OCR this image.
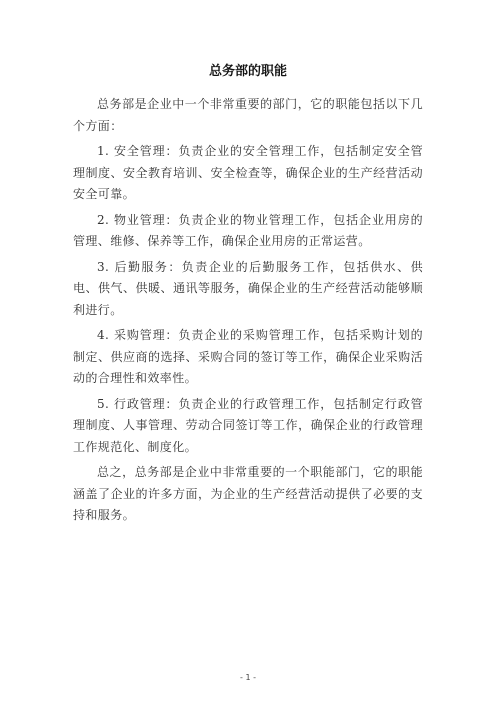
总务部的职能

总务部是企业中一个非常重要的部门，它的职能包括以下几个方面：

1. 安全管理：负责企业的安全管理工作，包括制定安全管理制度、安全教育培训、安全检查等，确保企业的生产经营活动安全可靠。

2. 物业管理：负责企业的物业管理工作，包括企业用房的管理、维修、保养等工作，确保企业用房的正常运营。

3. 后勤服务：负责企业的后勤服务工作，包括供水、供电、供气、供暖、通讯等服务，确保企业的生产经营活动能够顺利进行。

4. 采购管理：负责企业的采购管理工作，包括采购计划的制定、供应商的选择、采购合同的签订等工作，确保企业采购活动的合理性和效率性。

5. 行政管理：负责企业的行政管理工作，包括制定行政管理制度、人事管理、劳动合同签订等工作，确保企业的行政管理工作规范化、制度化。

总之，总务部是企业中非常重要的一个职能部门，它的职能涵盖了企业的许多方面，为企业的生产经营活动提供了必要的支持和服务。

- 1 -
